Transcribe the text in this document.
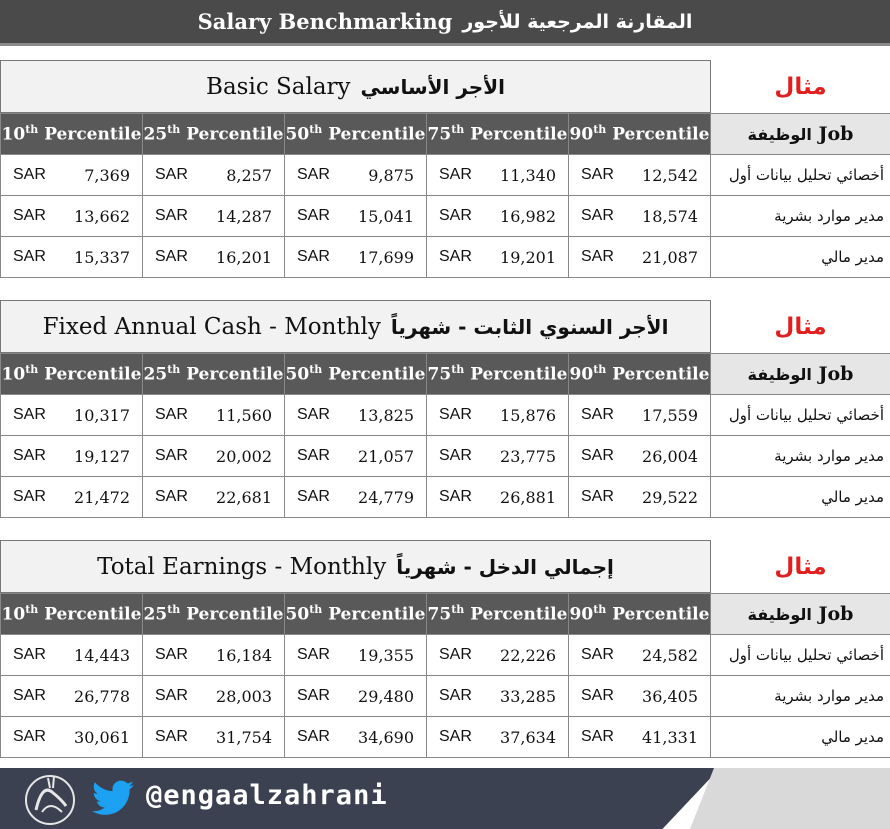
Salary Benchmarking المقارنة المرجعية للأجور
Basic Salary الأجر الأساسي	مثال
10th Percentile	25th Percentile	50th Percentile	75th Percentile	90th Percentile	الوظيفة Job

SAR 7,369	SAR 8,257	SAR 9,875	SAR 11,340	SAR 12,542	أخصائي تحليل بيانات أول

SAR 13,662	SAR 14,287	SAR 15,041	SAR 16,982	SAR 18,574	مدير موارد بشرية

SAR 15,337	SAR 16,201	SAR 17,699	SAR 19,201	SAR 21,087	مدير مالي
Fixed Annual Cash - Monthly الأجر السنوي الثابت - شهرياً	مثال
10th Percentile	25th Percentile	50th Percentile	75th Percentile	90th Percentile	الوظيفة Job

SAR 10,317	SAR 11,560	SAR 13,825	SAR 15,876	SAR 17,559	أخصائي تحليل بيانات أول

SAR 19,127	SAR 20,002	SAR 21,057	SAR 23,775	SAR 26,004	مدير موارد بشرية

SAR 21,472	SAR 22,681	SAR 24,779	SAR 26,881	SAR 29,522	مدير مالي
Total Earnings - Monthly إجمالي الدخل - شهرياً	مثال
10th Percentile	25th Percentile	50th Percentile	75th Percentile	90th Percentile	الوظيفة Job

SAR 14,443	SAR 16,184	SAR 19,355	SAR 22,226	SAR 24,582	أخصائي تحليل بيانات أول

SAR 26,778	SAR 28,003	SAR 29,480	SAR 33,285	SAR 36,405	مدير موارد بشرية

SAR 30,061	SAR 31,754	SAR 34,690	SAR 37,634	SAR 41,331	مدير مالي
@engaalzahrani
